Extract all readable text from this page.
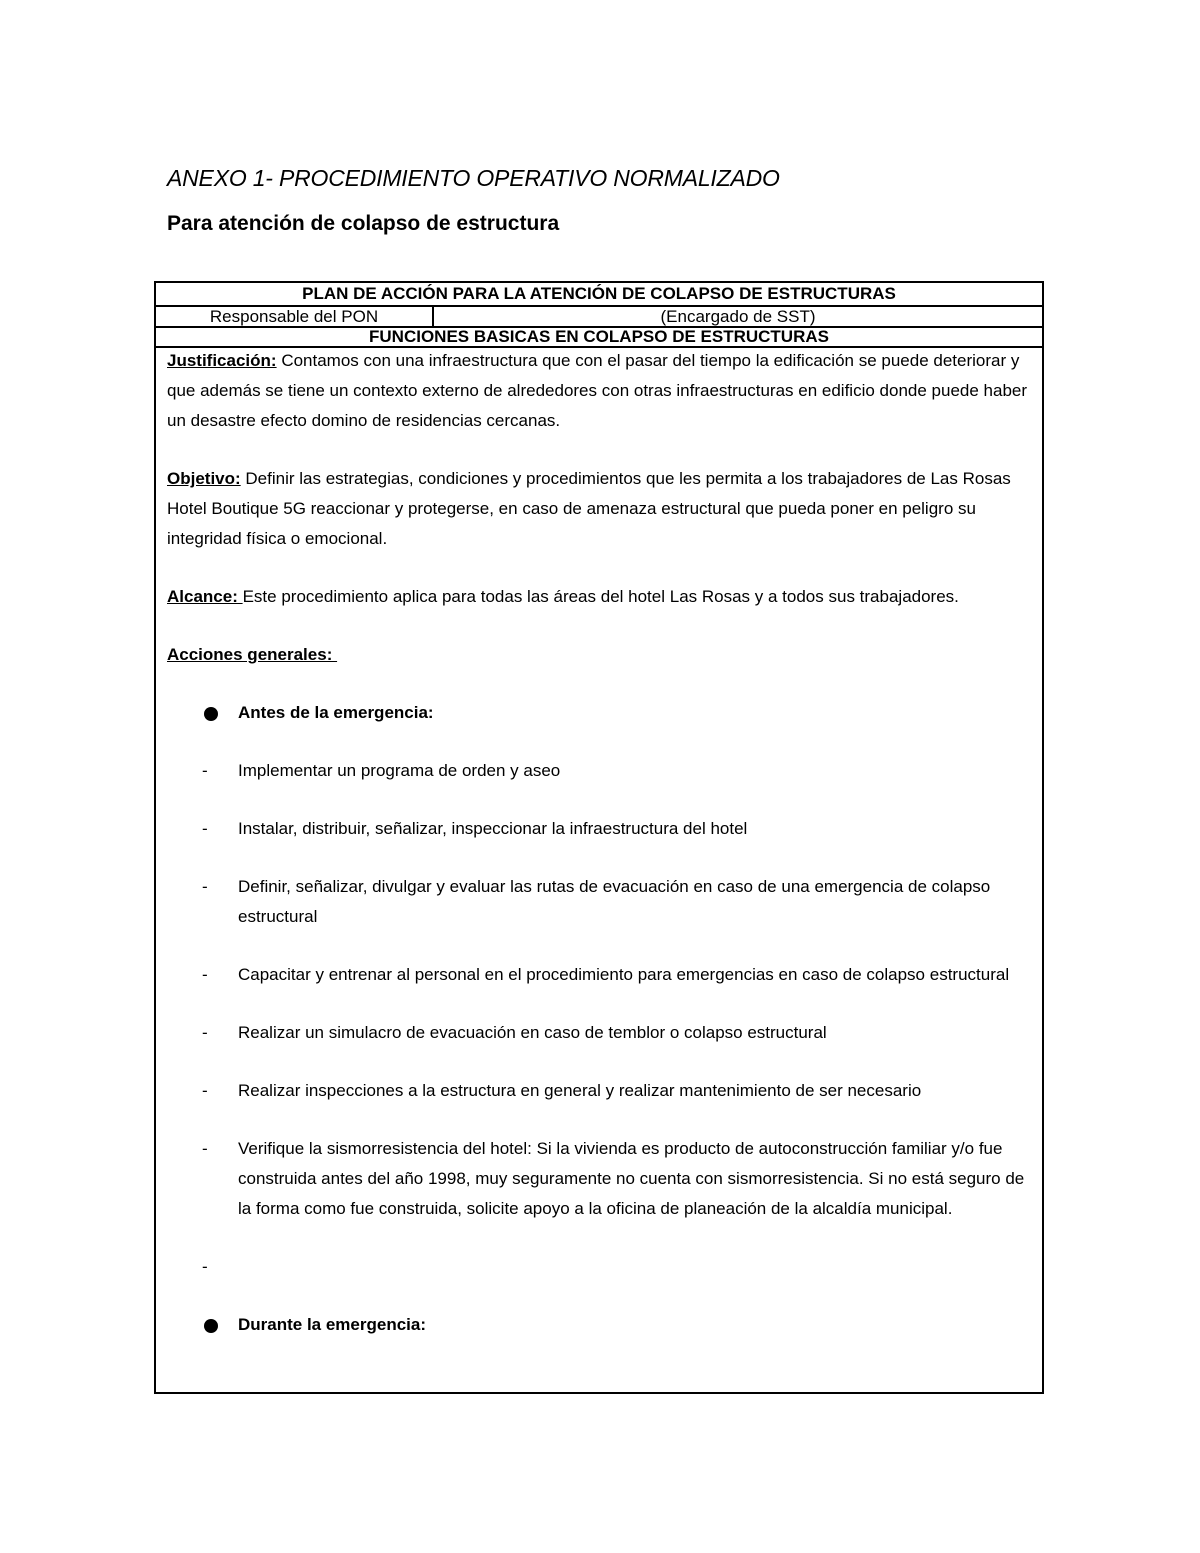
ANEXO 1- PROCEDIMIENTO OPERATIVO NORMALIZADO
Para atención de colapso de estructura
PLAN DE ACCIÓN PARA LA ATENCIÓN DE COLAPSO DE ESTRUCTURAS
Responsable del PON	(Encargado de SST)
FUNCIONES BASICAS EN COLAPSO DE ESTRUCTURAS

Justificación: Contamos con una infraestructura que con el pasar del tiempo la edificación se puede deteriorar y que además se tiene un contexto externo de alrededores con otras infraestructuras en edificio donde puede haber un desastre efecto domino de residencias cercanas.

Objetivo: Definir las estrategias, condiciones y procedimientos que les permita a los trabajadores de Las Rosas Hotel Boutique 5G reaccionar y protegerse, en caso de amenaza estructural que pueda poner en peligro su integridad física o emocional.

Alcance: Este procedimiento aplica para todas las áreas del hotel Las Rosas y a todos sus trabajadores.

Acciones generales:

Antes de la emergencia:
- Implementar un programa de orden y aseo
- Instalar, distribuir, señalizar, inspeccionar la infraestructura del hotel
- Definir, señalizar, divulgar y evaluar las rutas de evacuación en caso de una emergencia de colapso estructural
- Capacitar y entrenar al personal en el procedimiento para emergencias en caso de colapso estructural
- Realizar un simulacro de evacuación en caso de temblor o colapso estructural
- Realizar inspecciones a la estructura en general y realizar mantenimiento de ser necesario
- Verifique la sismorresistencia del hotel: Si la vivienda es producto de autoconstrucción familiar y/o fue construida antes del año 1998, muy seguramente no cuenta con sismorresistencia. Si no está seguro de la forma como fue construida, solicite apoyo a la oficina de planeación de la alcaldía municipal.
-

Durante la emergencia:
